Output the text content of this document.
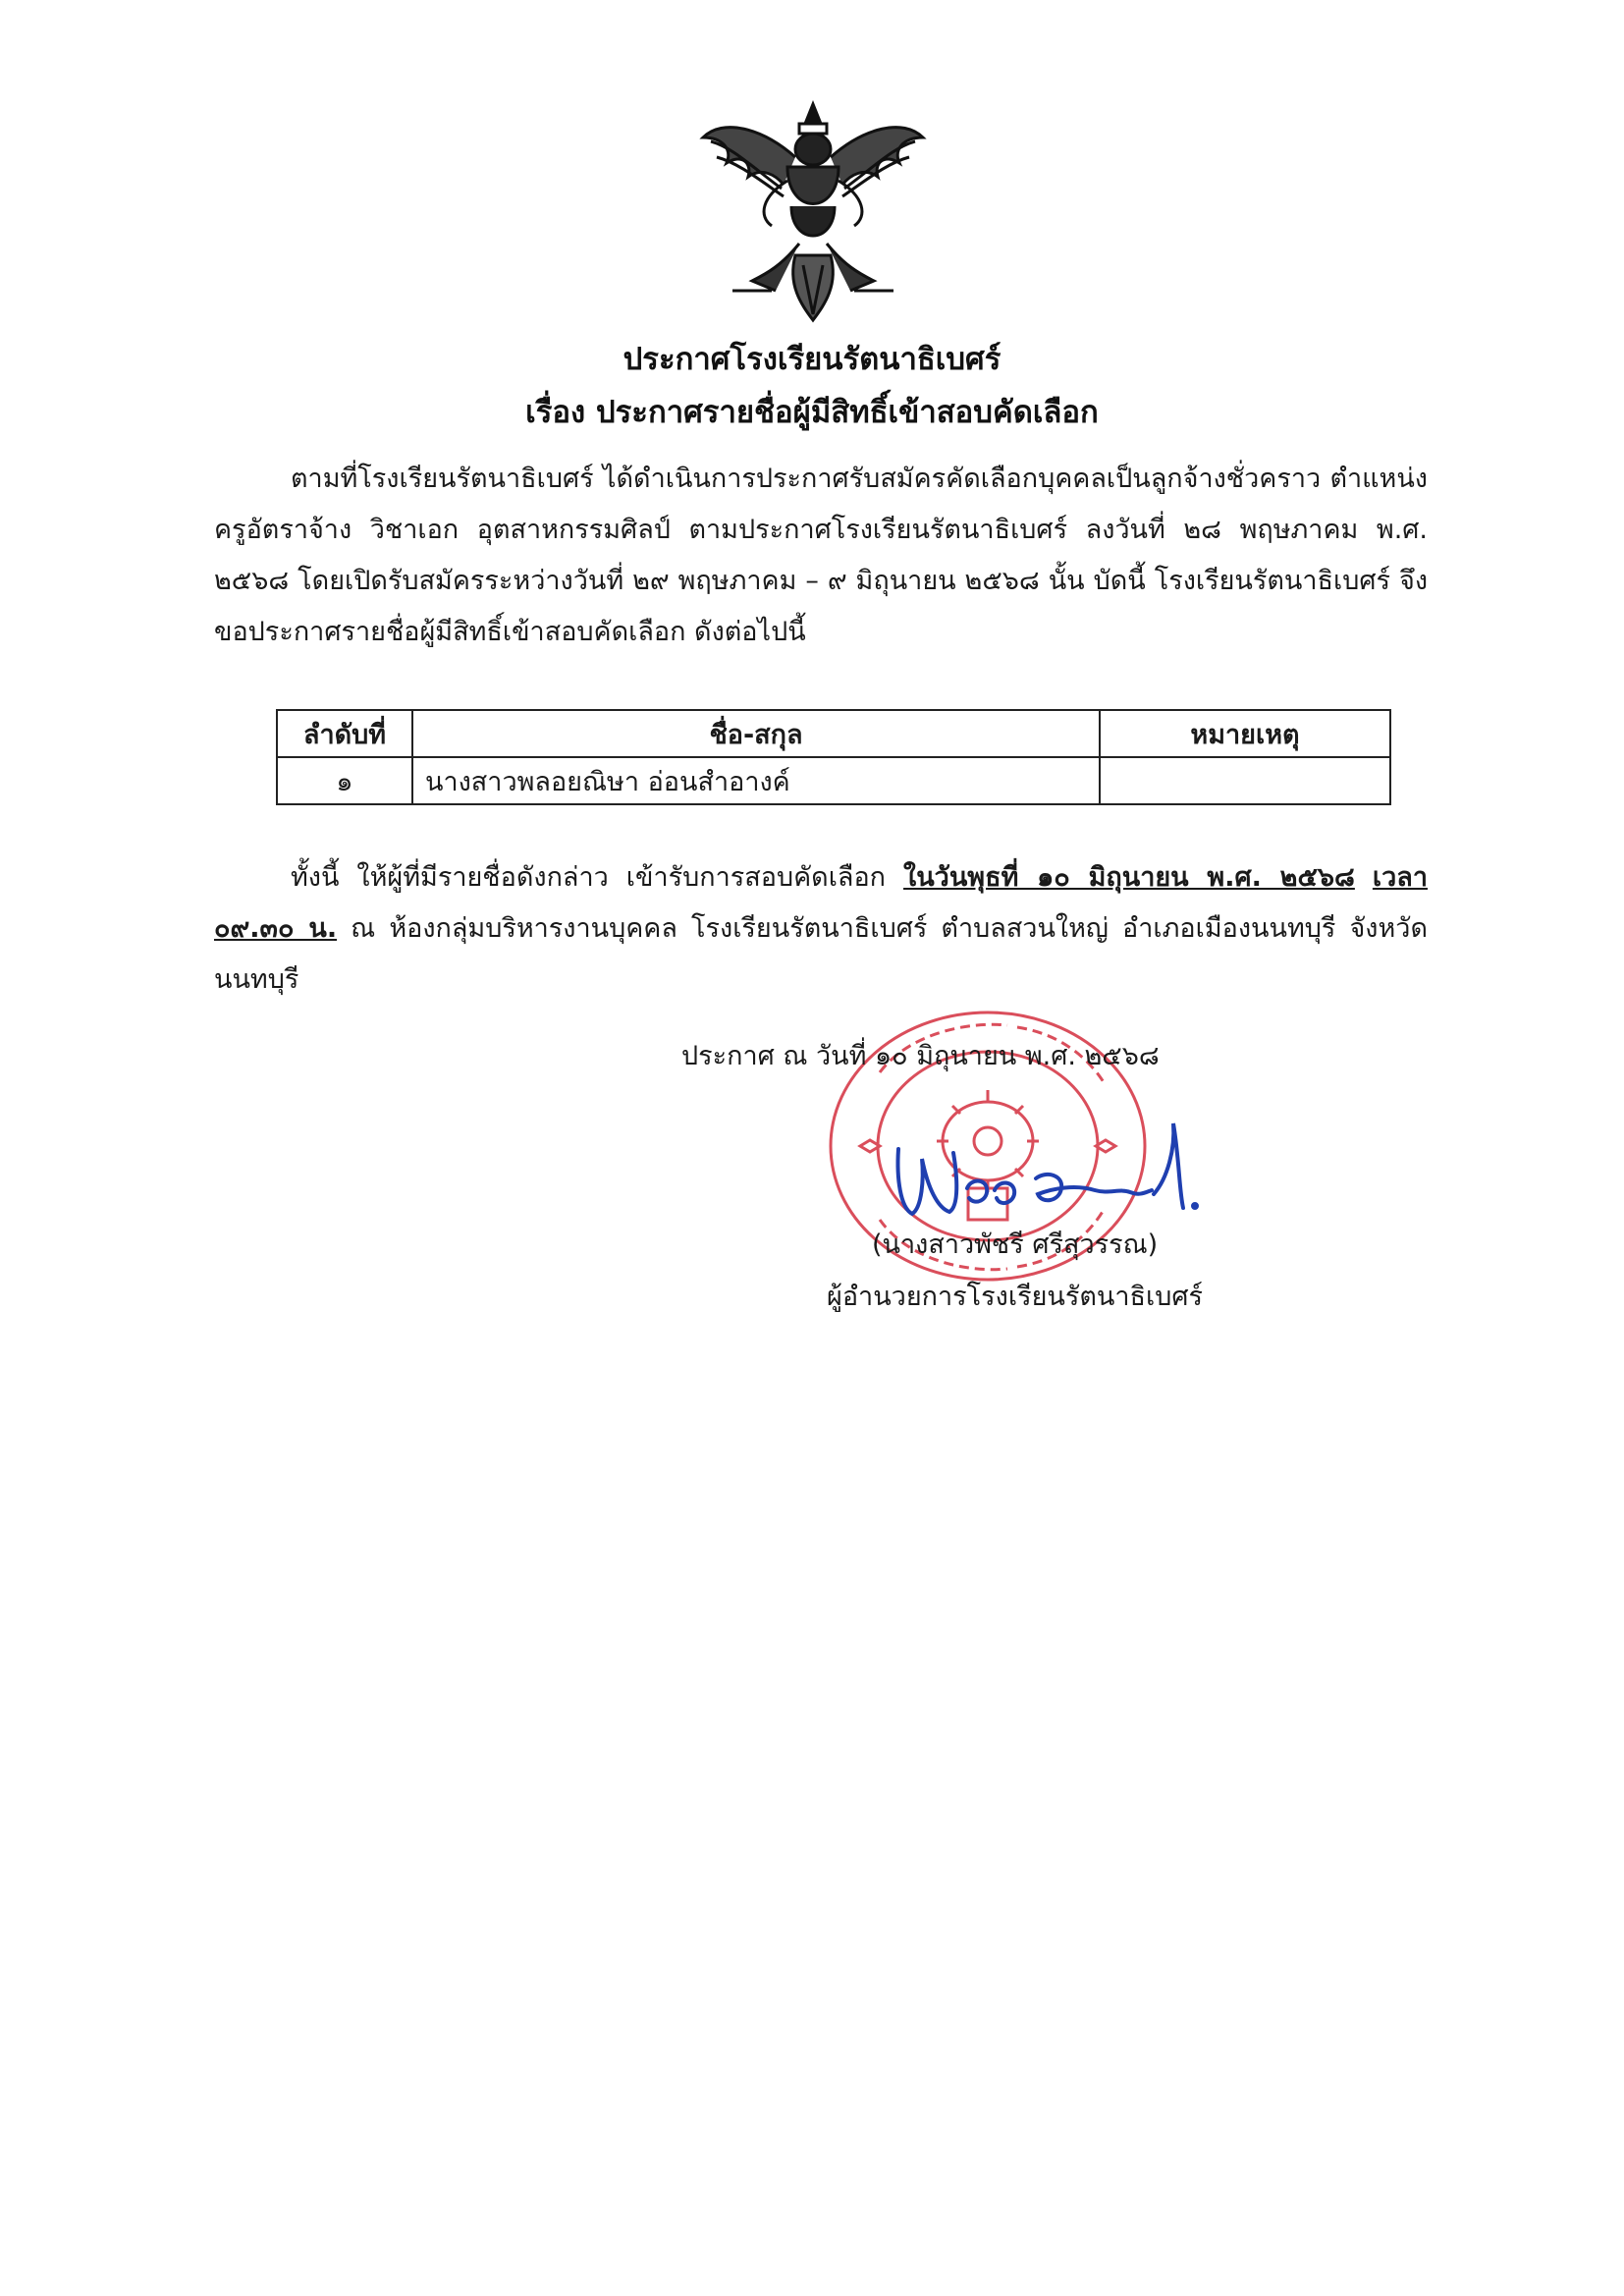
ประกาศโรงเรียนรัตนาธิเบศร์
เรื่อง ประกาศรายชื่อผู้มีสิทธิ์เข้าสอบคัดเลือก
ตามที่โรงเรียนรัตนาธิเบศร์ ได้ดำเนินการประกาศรับสมัครคัดเลือกบุคคลเป็นลูกจ้างชั่วคราว ตำแหน่งครูอัตราจ้าง วิชาเอก อุตสาหกรรมศิลป์ ตามประกาศโรงเรียนรัตนาธิเบศร์ ลงวันที่ ๒๘ พฤษภาคม พ.ศ. ๒๕๖๘ โดยเปิดรับสมัครระหว่างวันที่ ๒๙ พฤษภาคม – ๙ มิถุนายน ๒๕๖๘ นั้น บัดนี้ โรงเรียนรัตนาธิเบศร์ จึงขอประกาศรายชื่อผู้มีสิทธิ์เข้าสอบคัดเลือก ดังต่อไปนี้
ลำดับที่	ชื่อ-สกุล	หมายเหตุ
๑	นางสาวพลอยณิษา อ่อนสำอางค์	
ทั้งนี้ ให้ผู้ที่มีรายชื่อดังกล่าว เข้ารับการสอบคัดเลือก ในวันพุธที่ ๑๐ มิถุนายน พ.ศ. ๒๕๖๘ เวลา ๐๙.๓๐ น. ณ ห้องกลุ่มบริหารงานบุคคล โรงเรียนรัตนาธิเบศร์ ตำบลสวนใหญ่ อำเภอเมืองนนทบุรี จังหวัดนนทบุรี
ประกาศ ณ วันที่ ๑๐ มิถุนายน พ.ศ. ๒๕๖๘
(นางสาวพัชรี ศรีสุวรรณ)
ผู้อำนวยการโรงเรียนรัตนาธิเบศร์
